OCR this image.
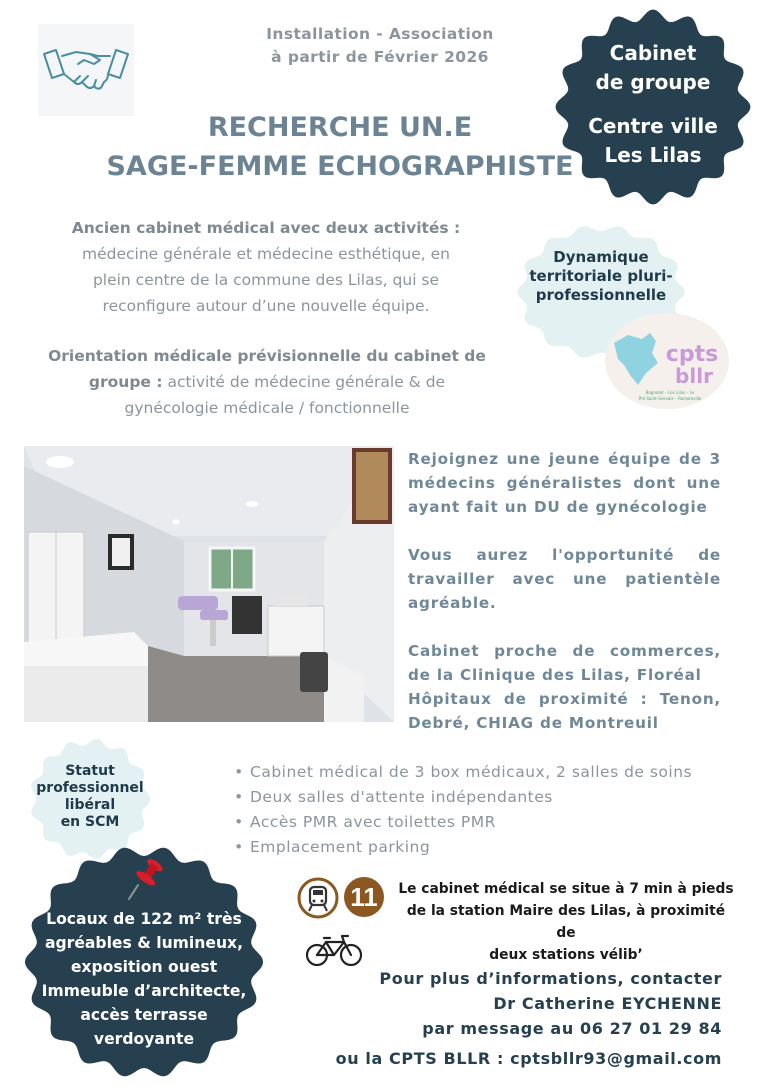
Installation - Association
à partir de Février 2026
RECHERCHE UN.E
SAGE-FEMME ECHOGRAPHISTE
Cabinet
de groupe
Centre ville
Les Lilas
Dynamique
territoriale pluri-
professionnelle
cpts
bllr
Bagnolet – Les Lilas – Le
Pré-Saint-Gervais – Romainville
Ancien cabinet médical avec deux activités :
médecine générale et médecine esthétique, en
plein centre de la commune des Lilas, qui se
reconfigure autour d’une nouvelle équipe.
Orientation médicale prévisionnelle du cabinet de
groupe : activité de médecine générale & de
gynécologie médicale / fonctionnelle

Rejoignez une jeune équipe de 3 médecins généralistes dont une ayant fait un DU de gynécologie

Vous aurez l'opportunité de travailler avec une patientèle agréable.

Cabinet proche de commerces, de la Clinique des Lilas, Floréal
Hôpitaux de proximité : Tenon, Debré, CHIAG de Montreuil

Statut
professionnel
libéral
en SCM
• Cabinet médical de 3 box médicaux, 2 salles de soins
• Deux salles d'attente indépendantes
• Accès PMR avec toilettes PMR
• Emplacement parking
Locaux de 122 m² très
agréables & lumineux,
exposition ouest
Immeuble d’architecte,
accès terrasse
verdoyante
11	Le cabinet médical se situe à 7 min à pieds
de la station Maire des Lilas, à proximité de
deux stations vélib’
Pour plus d’informations, contacter
Dr Catherine EYCHENNE
par message au 06 27 01 29 84
ou la CPTS BLLR : cptsbllr93@gmail.com
